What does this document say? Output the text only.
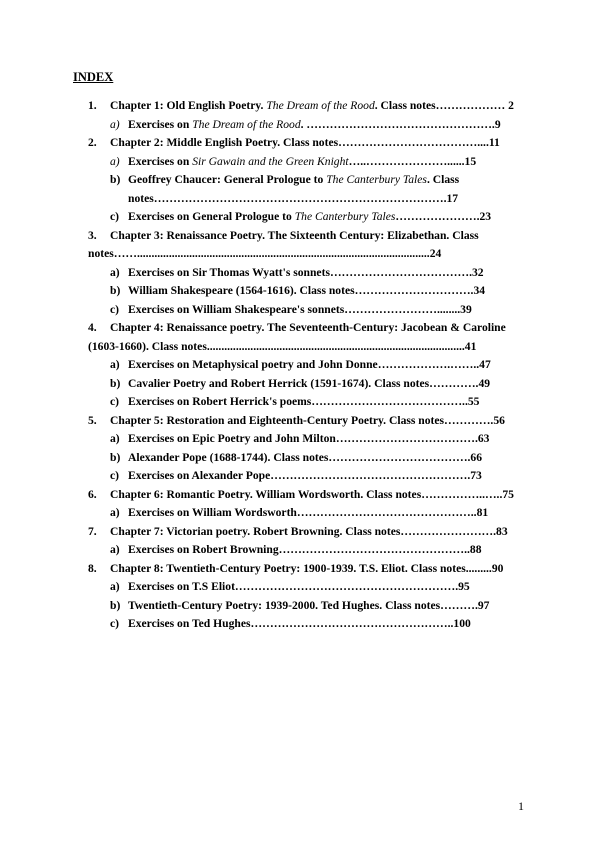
INDEX
1. Chapter 1: Old English Poetry. The Dream of the Rood. Class notes……………… 2
a) Exercises on The Dream of the Rood. ………………………………………….9
2. Chapter 2: Middle English Poetry. Class notes………………………………....11
a) Exercises on Sir Gawain and the Green Knight…..…………………......15
b) Geoffrey Chaucer: General Prologue to The Canterbury Tales. Class
notes………………………………………………………………….17
c) Exercises on General Prologue to The Canterbury Tales………………….23
3. Chapter 3: Renaissance Poetry. The Sixteenth Century: Elizabethan. Class
notes…….....................................................................................................24
a) Exercises on Sir Thomas Wyatt's sonnets……………………………….32
b) William Shakespeare (1564-1616). Class notes………………………….34
c) Exercises on William Shakespeare's sonnets……………………........39
4. Chapter 4: Renaissance poetry. The Seventeenth-Century: Jacobean & Caroline
(1603-1660). Class notes.........................................................................................41
a) Exercises on Metaphysical poetry and John Donne……………….……..47
b) Cavalier Poetry and Robert Herrick (1591-1674). Class notes………….49
c) Exercises on Robert Herrick's poems…………………………………..55
5. Chapter 5: Restoration and Eighteenth-Century Poetry. Class notes………….56
a) Exercises on Epic Poetry and John Milton……………………………….63
b) Alexander Pope (1688-1744). Class notes……………………………….66
c) Exercises on Alexander Pope…………………………………………….73
6. Chapter 6: Romantic Poetry. William Wordsworth. Class notes……………..…..75
a) Exercises on William Wordsworth………………………………………..81
7. Chapter 7: Victorian poetry. Robert Browning. Class notes…………………….83
a) Exercises on Robert Browning…………………………………………..88
8. Chapter 8: Twentieth-Century Poetry: 1900-1939. T.S. Eliot. Class notes.........90
a) Exercises on T.S Eliot………………………………………………….95
b) Twentieth-Century Poetry: 1939-2000. Ted Hughes. Class notes……….97
c) Exercises on Ted Hughes……………………………………………..100
1
